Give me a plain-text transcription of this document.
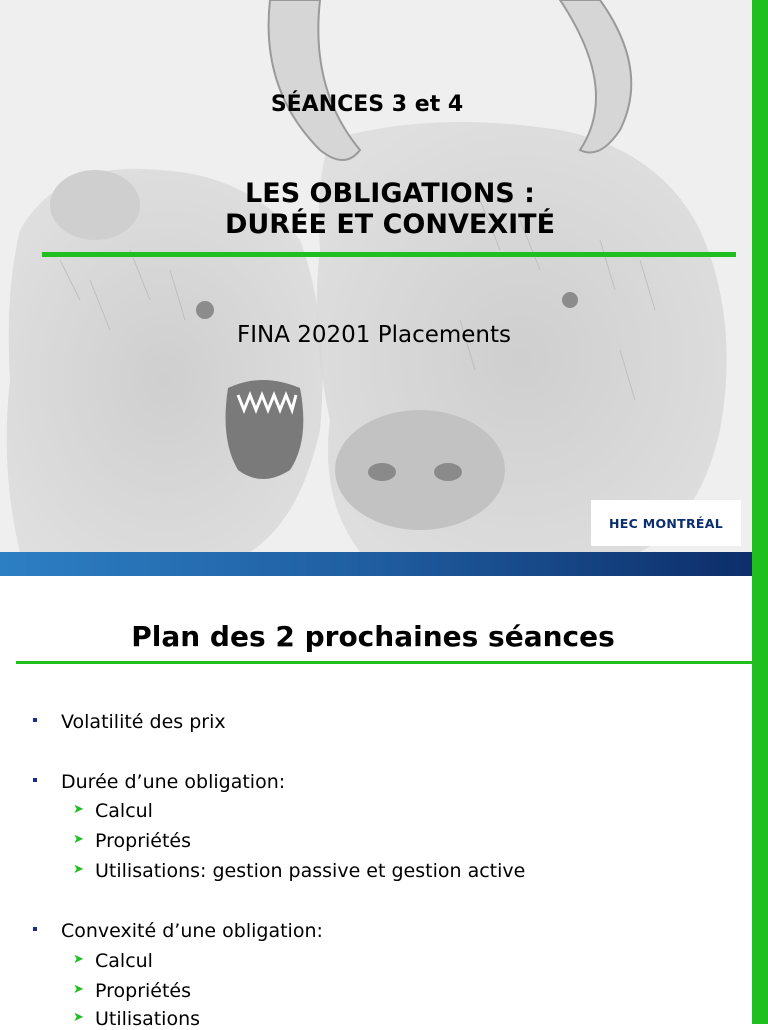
SÉANCES 3 et 4
LES OBLIGATIONS :
DURÉE ET CONVEXITÉ
FINA 20201 Placements
HEC MONTRÉAL
Plan des 2 prochaines séances
Volatilité des prix
Durée d’une obligation:
➤ Calcul
➤ Propriétés
➤ Utilisations: gestion passive et gestion active
Convexité d’une obligation:
➤ Calcul
➤ Propriétés
➤ Utilisations
